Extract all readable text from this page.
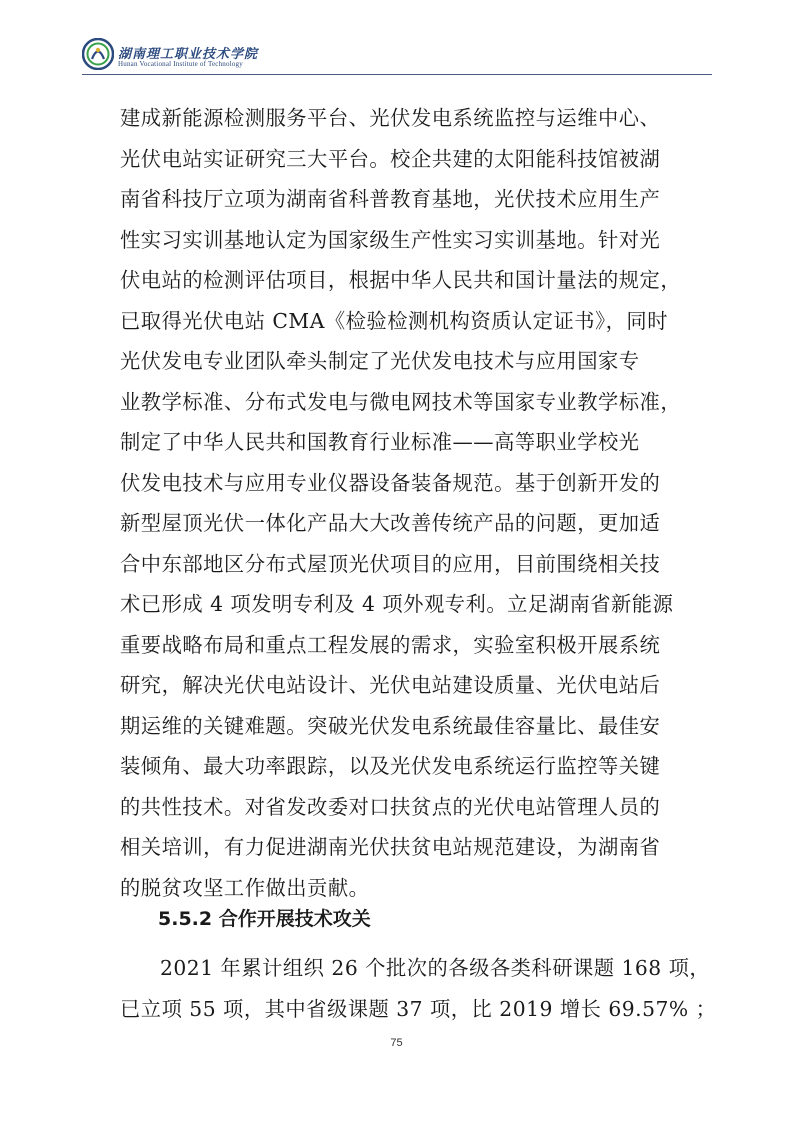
湖南理工职业技术学院
Hunan Vocational Institute of Technology
建成新能源检测服务平台、光伏发电系统监控与运维中心、
光伏电站实证研究三大平台。校企共建的太阳能科技馆被湖
南省科技厅立项为湖南省科普教育基地，光伏技术应用生产
性实习实训基地认定为国家级生产性实习实训基地。针对光
伏电站的检测评估项目，根据中华人民共和国计量法的规定，
已取得光伏电站 CMA《检验检测机构资质认定证书》，同时
光伏发电专业团队牵头制定了光伏发电技术与应用国家专
业教学标准、分布式发电与微电网技术等国家专业教学标准，
制定了中华人民共和国教育行业标准——高等职业学校光
伏发电技术与应用专业仪器设备装备规范。基于创新开发的
新型屋顶光伏一体化产品大大改善传统产品的问题，更加适
合中东部地区分布式屋顶光伏项目的应用，目前围绕相关技
术已形成 4 项发明专利及 4 项外观专利。立足湖南省新能源
重要战略布局和重点工程发展的需求，实验室积极开展系统
研究，解决光伏电站设计、光伏电站建设质量、光伏电站后
期运维的关键难题。突破光伏发电系统最佳容量比、最佳安
装倾角、最大功率跟踪，以及光伏发电系统运行监控等关键
的共性技术。对省发改委对口扶贫点的光伏电站管理人员的
相关培训，有力促进湖南光伏扶贫电站规范建设，为湖南省
的脱贫攻坚工作做出贡献。
5.5.2 合作开展技术攻关
2021 年累计组织 26 个批次的各级各类科研课题 168 项，
已立项 55 项，其中省级课题 37 项，比 2019 增长 69.57% ；
75
